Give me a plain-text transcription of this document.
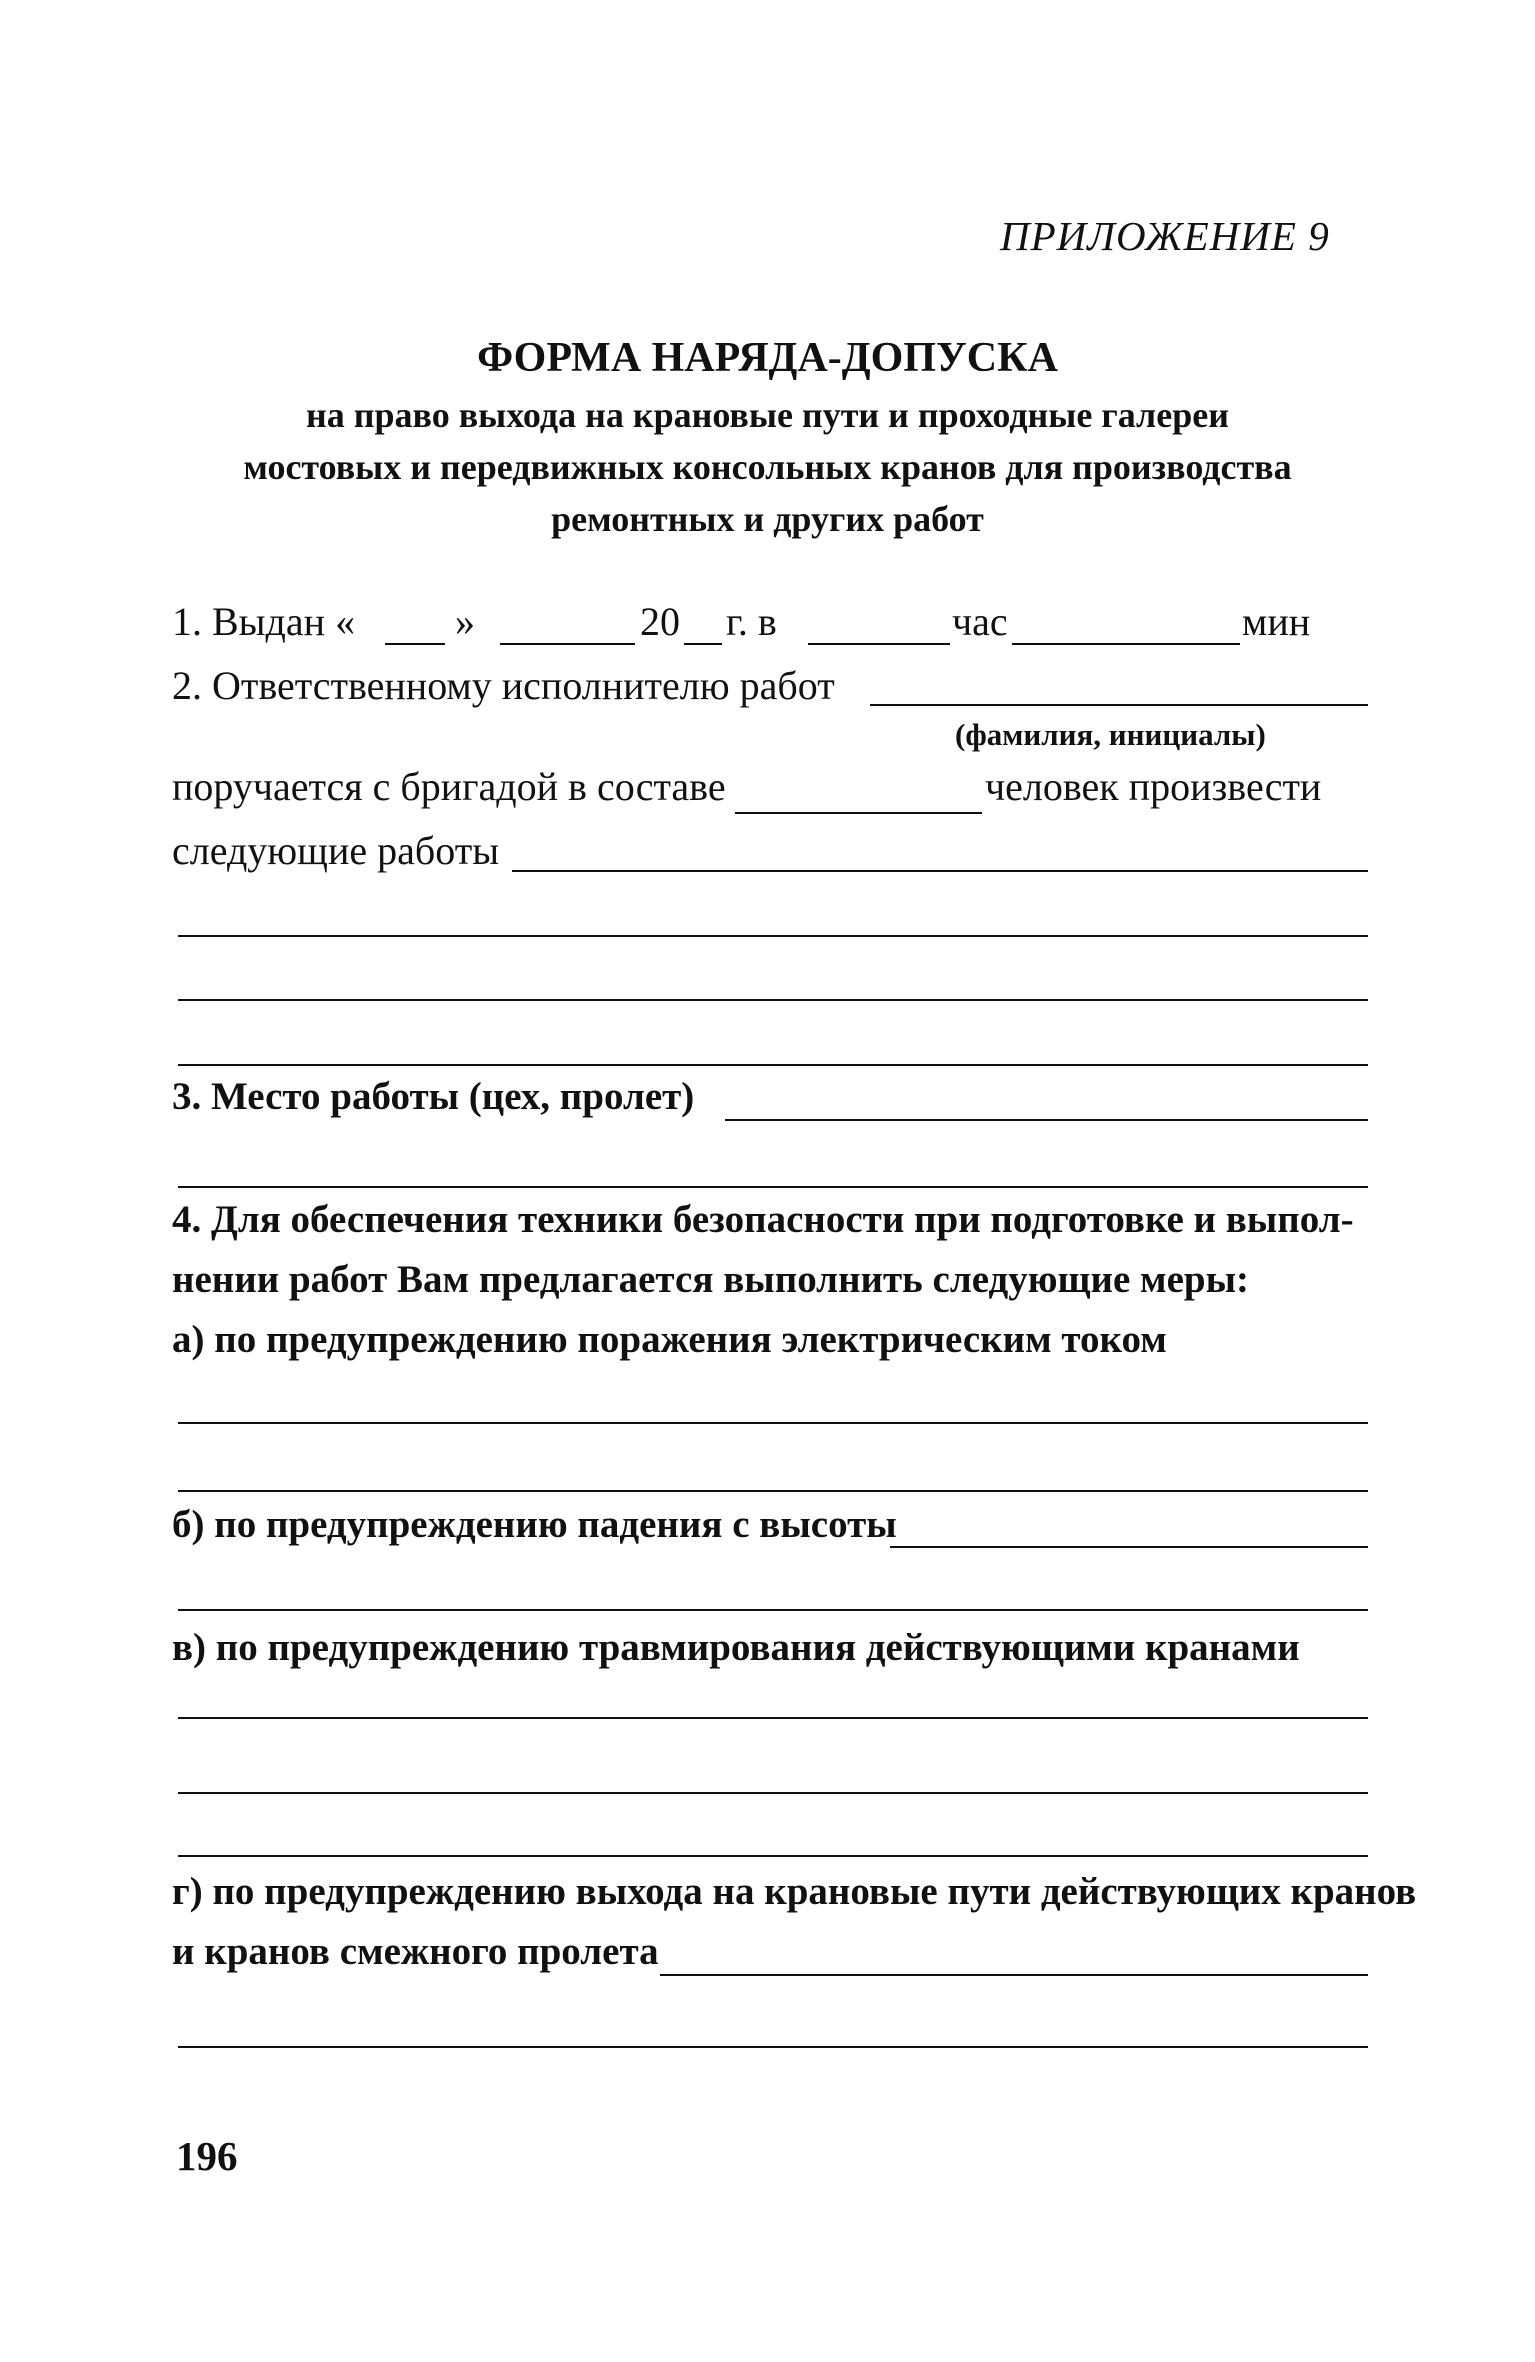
ПРИЛОЖЕНИЕ 9
ФОРМА НАРЯДА-ДОПУСКА
на право выхода на крановые пути и проходные галереи
мостовых и передвижных консольных кранов для производства
ремонтных и других работ
1. Выдан « »	20 г. в	час	мин
2. Ответственному исполнителю работ
(фамилия, инициалы)
поручается с бригадой в составе	человек произвести
следующие работы
3. Место работы (цех, пролет)
4. Для обеспечения техники безопасности при подготовке и выпол-
нении работ Вам предлагается выполнить следующие меры:
а) по предупреждению поражения электрическим током
б) по предупреждению падения с высоты
в) по предупреждению травмирования действующими кранами
г) по предупреждению выхода на крановые пути действующих кранов
и кранов смежного пролета
196
